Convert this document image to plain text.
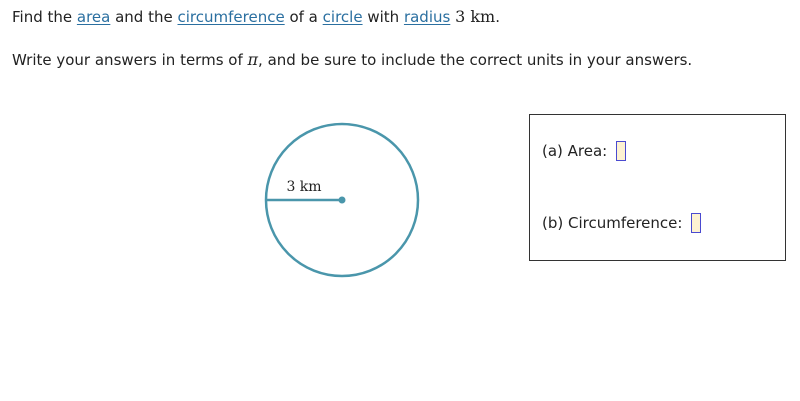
Find the area and the circumference of a circle with radius 3 km.
Write your answers in terms of π, and be sure to include the correct units in your answers.
3 km
(a) Area:
(b) Circumference:
